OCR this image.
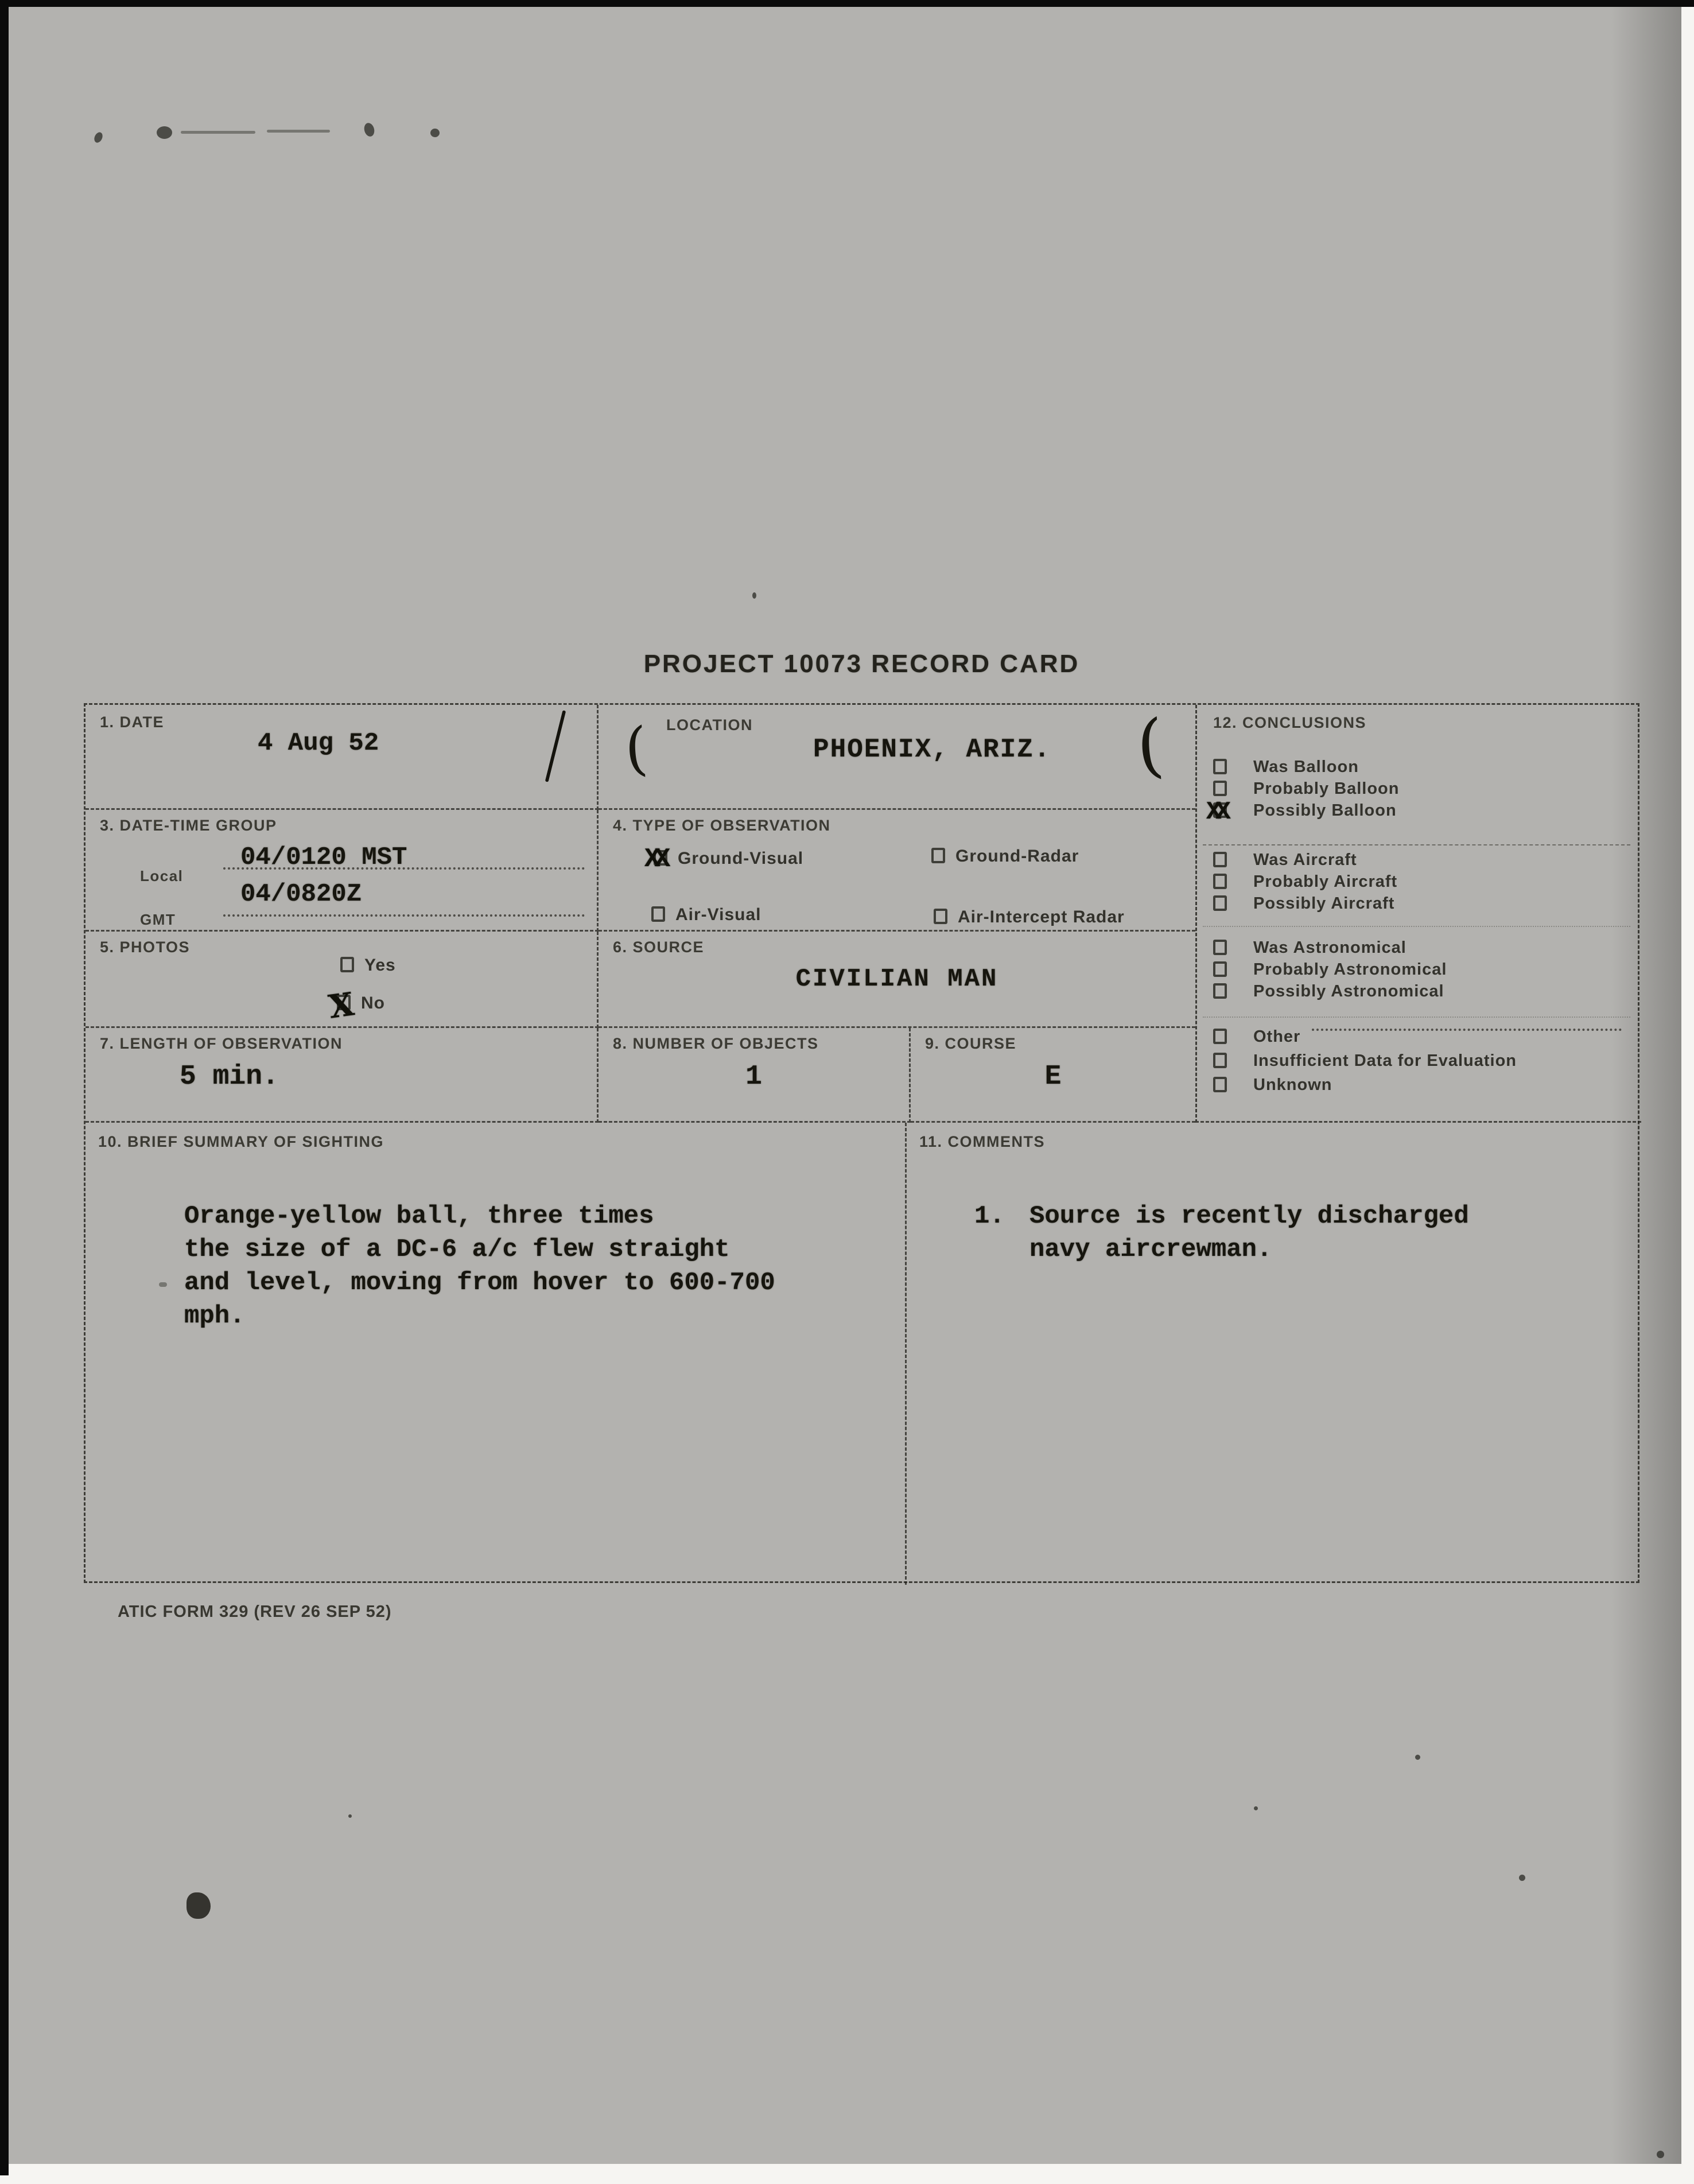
PROJECT 10073 RECORD CARD
1. DATE
4 Aug 52	( LOCATION
PHOENIX, ARIZ. (
3. DATE-TIME GROUP
Local
04/0120 MST
GMT
04/0820Z
4. TYPE OF OBSERVATION
XX Ground-Visual	Ground-Radar
Air-Visual	Air-Intercept Radar
5. PHOTOS
Yes
X No
6. SOURCE
CIVILIAN MAN
7. LENGTH OF OBSERVATION
5 min.
8. NUMBER OF OBJECTS
1
9. COURSE
E
10. BRIEF SUMMARY OF SIGHTING
Orange-yellow ball, three times
the size of a DC-6 a/c flew straight
and level, moving from hover to 600-700
mph.
11. COMMENTS
1. Source is recently discharged
navy aircrewman.
12. CONCLUSIONS
Was Balloon
Probably Balloon
XX Possibly Balloon
Was Aircraft
Probably Aircraft
Possibly Aircraft
Was Astronomical
Probably Astronomical
Possibly Astronomical
Other
Insufficient Data for Evaluation
Unknown
ATIC FORM 329 (REV 26 SEP 52)
